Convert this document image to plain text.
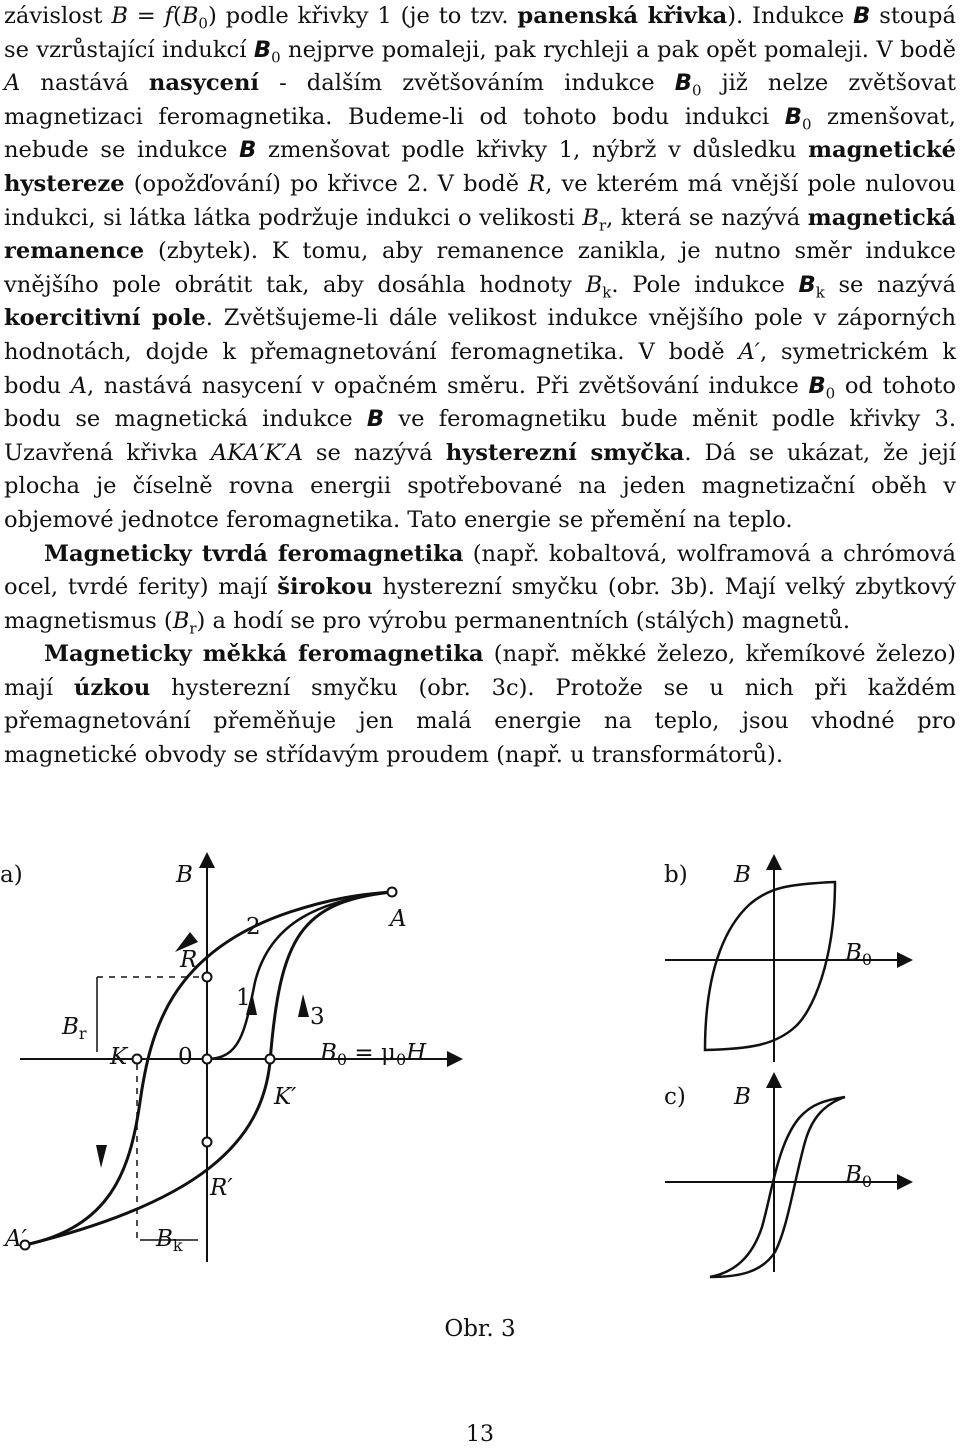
závislost $B = f(B_0)$ podle křivky 1 (je to tzv. panenská křivka). Indukce B stoupá se vzrůstající indukcí $B_0$ nejprve pomaleji, pak rychleji a pak opět pomaleji. V bodě A nastává nasycení - dalším zvětšováním indukce $B_0$ již nelze zvětšovat magnetizaci feromagnetika. Budeme-li od tohoto bodu indukci $B_0$ zmenšovat, nebude se indukce B zmenšovat podle křivky 1, nýbrž v důsledku magnetické hystereze (opožďování) po křivce 2. V bodě R, ve kterém má vnější pole nulovou indukci, si látka látka podržuje indukci o velikosti $B_r$, která se nazývá magnetická remanence (zbytek). K tomu, aby remanence zanikla, je nutno směr indukce vnějšího pole obrátit tak, aby dosáhla hodnoty $B_k$. Pole indukce $B_k$ se nazývá koercitivní pole. Zvětšujeme-li dále velikost indukce vnějšího pole v záporných hodnotách, dojde k přemagnetování feromagnetika. V bodě A′, symetrickém k bodu A, nastává nasycení v opačném směru. Při zvětšování indukce $B_0$ od tohoto bodu se magnetická indukce B ve feromagnetiku bude měnit podle křivky 3. Uzavřená křivka AKA′K′A se nazývá hysterezní smyčka. Dá se ukázat, že její plocha je číselně rovna energii spotřebované na jeden magnetizační oběh v objemové jednotce feromagnetika. Tato energie se přemění na teplo.

Magneticky tvrdá feromagnetika (např. kobaltová, wolframová a chrómová ocel, tvrdé ferity) mají širokou hysterezní smyčku (obr. 3b). Mají velký zbytkový magnetismus $(B_r)$ a hodí se pro výrobu permanentních (stálých) magnetů.

Magneticky měkká feromagnetika (např. měkké železo, křemíkové železo) mají úzkou hysterezní smyčku (obr. 3c). Protože se u nich při každém přemagnetování přeměňuje jen malá energie na teplo, jsou vhodné pro magnetické obvody se střídavým proudem (např. u transformátorů).

a)	B
$B_0 = \mu_0H$
A
A′
R
R′
K
K′
0
1
2
3
$B_r$
$B_k$
b) B
$B_0$
c) B
$B_0$
Obr. 3
13
